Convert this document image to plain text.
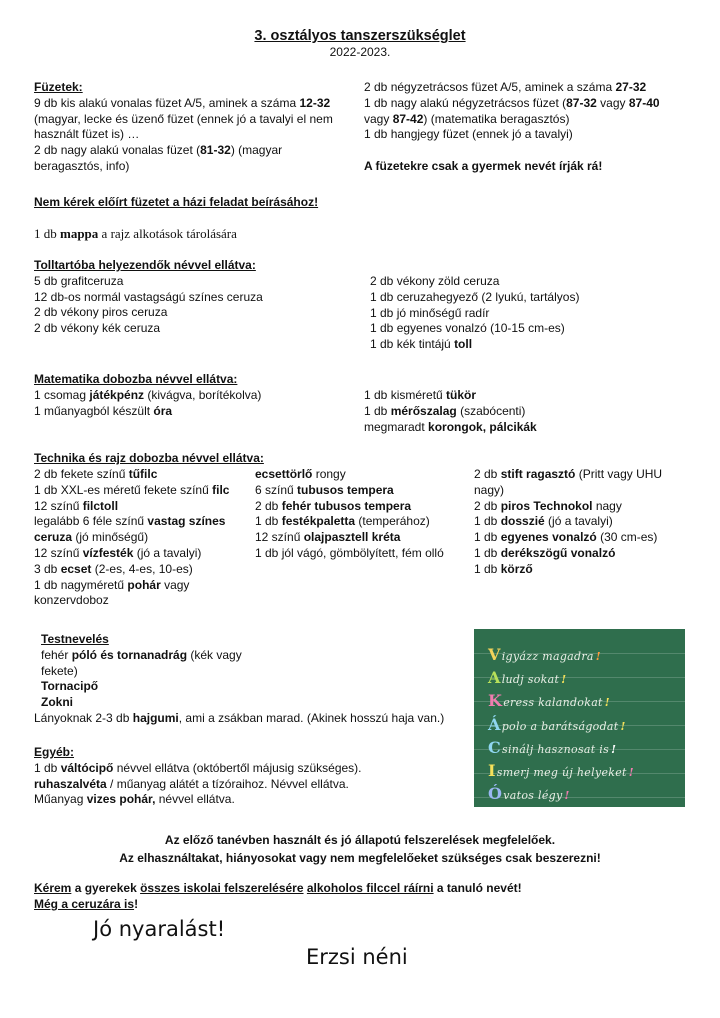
3. osztályos tanszerszükséglet
2022-2023.
Füzetek:
9 db kis alakú vonalas füzet A/5, aminek a száma 12-32
(magyar, lecke és üzenő füzet (ennek jó a tavalyi el nem
használt füzet is) …
2 db nagy alakú vonalas füzet (81-32) (magyar
beragasztós, info)
2 db négyzetrácsos füzet A/5, aminek a száma 27-32
1 db nagy alakú négyzetrácsos füzet (87-32 vagy 87-40
vagy 87-42) (matematika beragasztós)
1 db hangjegy füzet (ennek jó a tavalyi)
A füzetekre csak a gyermek nevét írják rá!
Nem kérek előírt füzetet a házi feladat beírásához!
1 db mappa a rajz alkotások tárolására
Tolltartóba helyezendők névvel ellátva:
5 db grafitceruza
12 db-os normál vastagságú színes ceruza
2 db vékony piros ceruza
2 db vékony kék ceruza
2 db vékony zöld ceruza
1 db ceruzahegyező (2 lyukú, tartályos)
1 db jó minőségű radír
1 db egyenes vonalzó (10-15 cm-es)
1 db kék tintájú toll
Matematika dobozba névvel ellátva:
1 csomag játékpénz (kivágva, borítékolva)
1 műanyagból készült óra
1 db kisméretű tükör
1 db mérőszalag (szabócenti)
megmaradt korongok, pálcikák
Technika és rajz dobozba névvel ellátva:
2 db fekete színű tűfilc
1 db XXL-es méretű fekete színű filc
12 színű filctoll
legalább 6 féle színű vastag színes
ceruza (jó minőségű)
12 színű vízfesték (jó a tavalyi)
3 db ecset (2-es, 4-es, 10-es)
1 db nagyméretű pohár vagy
konzervdoboz
ecsettörlő rongy
6 színű tubusos tempera
2 db fehér tubusos tempera
1 db festékpaletta (temperához)
12 színű olajpasztell kréta
1 db jól vágó, gömbölyített, fém olló
2 db stift ragasztó (Pritt vagy UHU
nagy)
2 db piros Technokol nagy
1 db dosszié (jó a tavalyi)
1 db egyenes vonalzó (30 cm-es)
1 db derékszögű vonalzó
1 db körző
Testnevelés
fehér póló és tornanadrág (kék vagy
fekete)
Tornacipő
Zokni
Lányoknak 2-3 db hajgumi, ami a zsákban marad. (Akinek hosszú haja van.)
Egyéb:
1 db váltócipő névvel ellátva (októbertől májusig szükséges).
ruhaszalvéta / műanyag alátét a tízóraihoz. Névvel ellátva.
Műanyag vizes pohár, névvel ellátva.
Vigyázz magadra !
Aludj sokat !
Keress kalandokat !
Ápolo a barátságodat !
Csinálj hasznosat is !
Ismerj meg új helyeket !
Óvatos légy !
Az előző tanévben használt és jó állapotú felszerelések megfelelőek.
Az elhasználtakat, hiányosokat vagy nem megfelelőeket szükséges csak beszerezni!
Kérem a gyerekek összes iskolai felszerelésére alkoholos filccel ráírni a tanuló nevét!
Még a ceruzára is!
Jó nyaralást!
Erzsi néni
